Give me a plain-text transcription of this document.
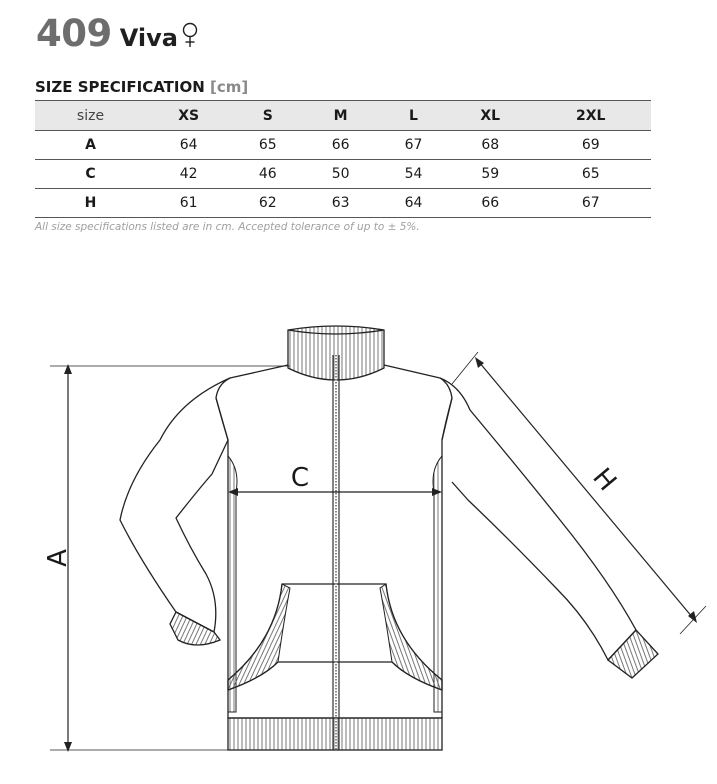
409 Viva
SIZE SPECIFICATION [cm]
size	XS	S	M	L	XL	2XL
A	64	65	66	67	68	69
C	42	46	50	54	59	65
H	61	62	63	64	66	67
All size specifications listed are in cm. Accepted tolerance of up to ± 5%.
A
C	H
